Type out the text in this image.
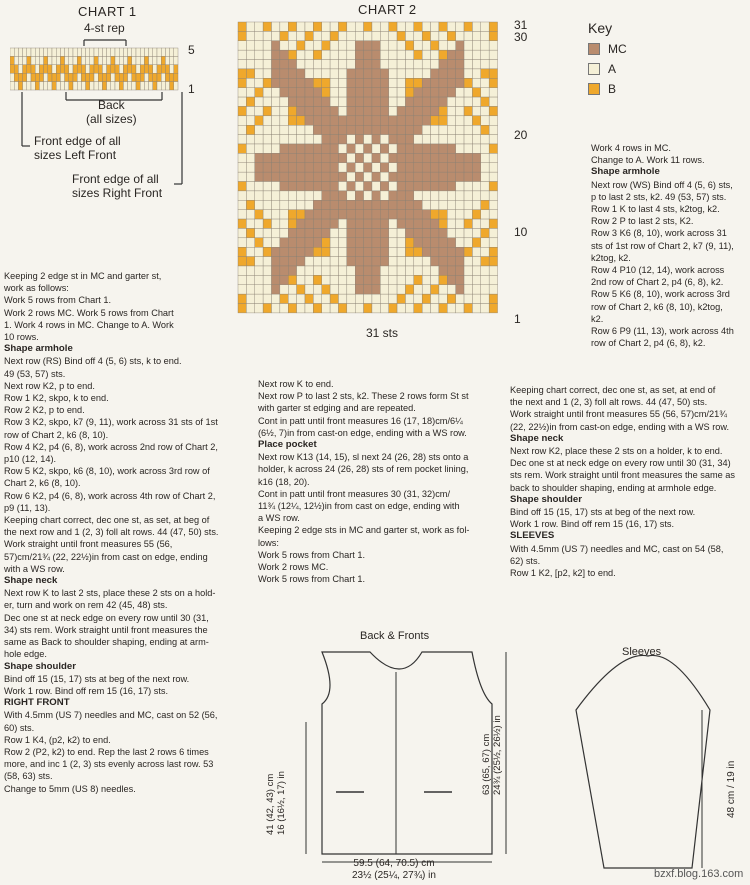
CHART 1
4-st rep
5
1
Back
(all sizes)
Front edge of all
sizes Left Front
Front edge of all
sizes Right Front
CHART 2
31
30
20
10
1
31 sts
Key
MC
A
B

Keeping 2 edge st in MC and garter st,

work as follows:

Work 5 rows from Chart 1.

Work 2 rows MC. Work 5 rows from Chart

1. Work 4 rows in MC. Change to A. Work

10 rows.

Shape armhole

Next row (RS) Bind off 4 (5, 6) sts, k to end.

49 (53, 57) sts.

Next row K2, p to end.

Row 1 K2, skpo, k to end.

Row 2 K2, p to end.

Row 3 K2, skpo, k7 (9, 11), work across 31 sts of 1st

row of Chart 2, k6 (8, 10).

Row 4 K2, p4 (6, 8), work across 2nd row of Chart 2,

p10 (12, 14).

Row 5 K2, skpo, k6 (8, 10), work across 3rd row of

Chart 2, k6 (8, 10).

Row 6 K2, p4 (6, 8), work across 4th row of Chart 2,

p9 (11, 13).

Keeping chart correct, dec one st, as set, at beg of

the next row and 1 (2, 3) foll alt rows. 44 (47, 50) sts.

Work straight until front measures 55 (56,

57)cm/21¾ (22, 22½)in from cast on edge, ending

with a WS row.

Shape neck

Next row K to last 2 sts, place these 2 sts on a hold-

er, turn and work on rem 42 (45, 48) sts.

Dec one st at neck edge on every row until 30 (31,

34) sts rem. Work straight until front measures the

same as Back to shoulder shaping, ending at arm-

hole edge.

Shape shoulder

Bind off 15 (15, 17) sts at beg of the next row.

Work 1 row. Bind off rem 15 (16, 17) sts.

RIGHT FRONT

With 4.5mm (US 7) needles and MC, cast on 52 (56,

60) sts.

Row 1 K4, (p2, k2) to end.

Row 2 (P2, k2) to end. Rep the last 2 rows 6 times

more, and inc 1 (2, 3) sts evenly across last row. 53

(58, 63) sts.

Change to 5mm (US 8) needles.

Next row K to end.

Next row P to last 2 sts, k2. These 2 rows form St st

with garter st edging and are repeated.

Cont in patt until front measures 16 (17, 18)cm/6¼

(6½, 7)in from cast-on edge, ending with a WS row.

Place pocket

Next row K13 (14, 15), sl next 24 (26, 28) sts onto a

holder, k across 24 (26, 28) sts of rem pocket lining,

k16 (18, 20).

Cont in patt until front measures 30 (31, 32)cm/

11¾ (12¼, 12½)in from cast on edge, ending with

a WS row.

Keeping 2 edge sts in MC and garter st, work as fol-

lows:

Work 5 rows from Chart 1.

Work 2 rows MC.

Work 5 rows from Chart 1.

Work 4 rows in MC.

Change to A. Work 11 rows.

Shape armhole

Next row (WS) Bind off 4 (5, 6) sts,

p to last 2 sts, k2. 49 (53, 57) sts.

Row 1 K to last 4 sts, k2tog, k2.

Row 2 P to last 2 sts, K2.

Row 3 K6 (8, 10), work across 31

sts of 1st row of Chart 2, k7 (9, 11),

k2tog, k2.

Row 4 P10 (12, 14), work across

2nd row of Chart 2, p4 (6, 8), k2.

Row 5 K6 (8, 10), work across 3rd

row of Chart 2, k6 (8, 10), k2tog,

k2.

Row 6 P9 (11, 13), work across 4th

row of Chart 2, p4 (6, 8), k2.

Keeping chart correct, dec one st, as set, at end of

the next and 1 (2, 3) foll alt rows. 44 (47, 50) sts.

Work straight until front measures 55 (56, 57)cm/21¾

(22, 22½)in from cast-on edge, ending with a WS row.

Shape neck

Next row K2, place these 2 sts on a holder, k to end.

Dec one st at neck edge on every row until 30 (31, 34)

sts rem. Work straight until front measures the same as

back to shoulder shaping, ending at armhole edge.

Shape shoulder

Bind off 15 (15, 17) sts at beg of the next row.

Work 1 row. Bind off rem 15 (16, 17) sts.

SLEEVES

With 4.5mm (US 7) needles and MC, cast on 54 (58,

62) sts.

Row 1 K2, [p2, k2] to end.

Back & Fronts
41 (42, 43) cm 16 (16½, 17) in
63 (65, 67) cm 24¾ (25½, 26½) in
59.5 (64, 70.5) cm
23½ (25¼, 27¾) in
Sleeves
48 cm / 19 in
bzxf.blog.163.com
